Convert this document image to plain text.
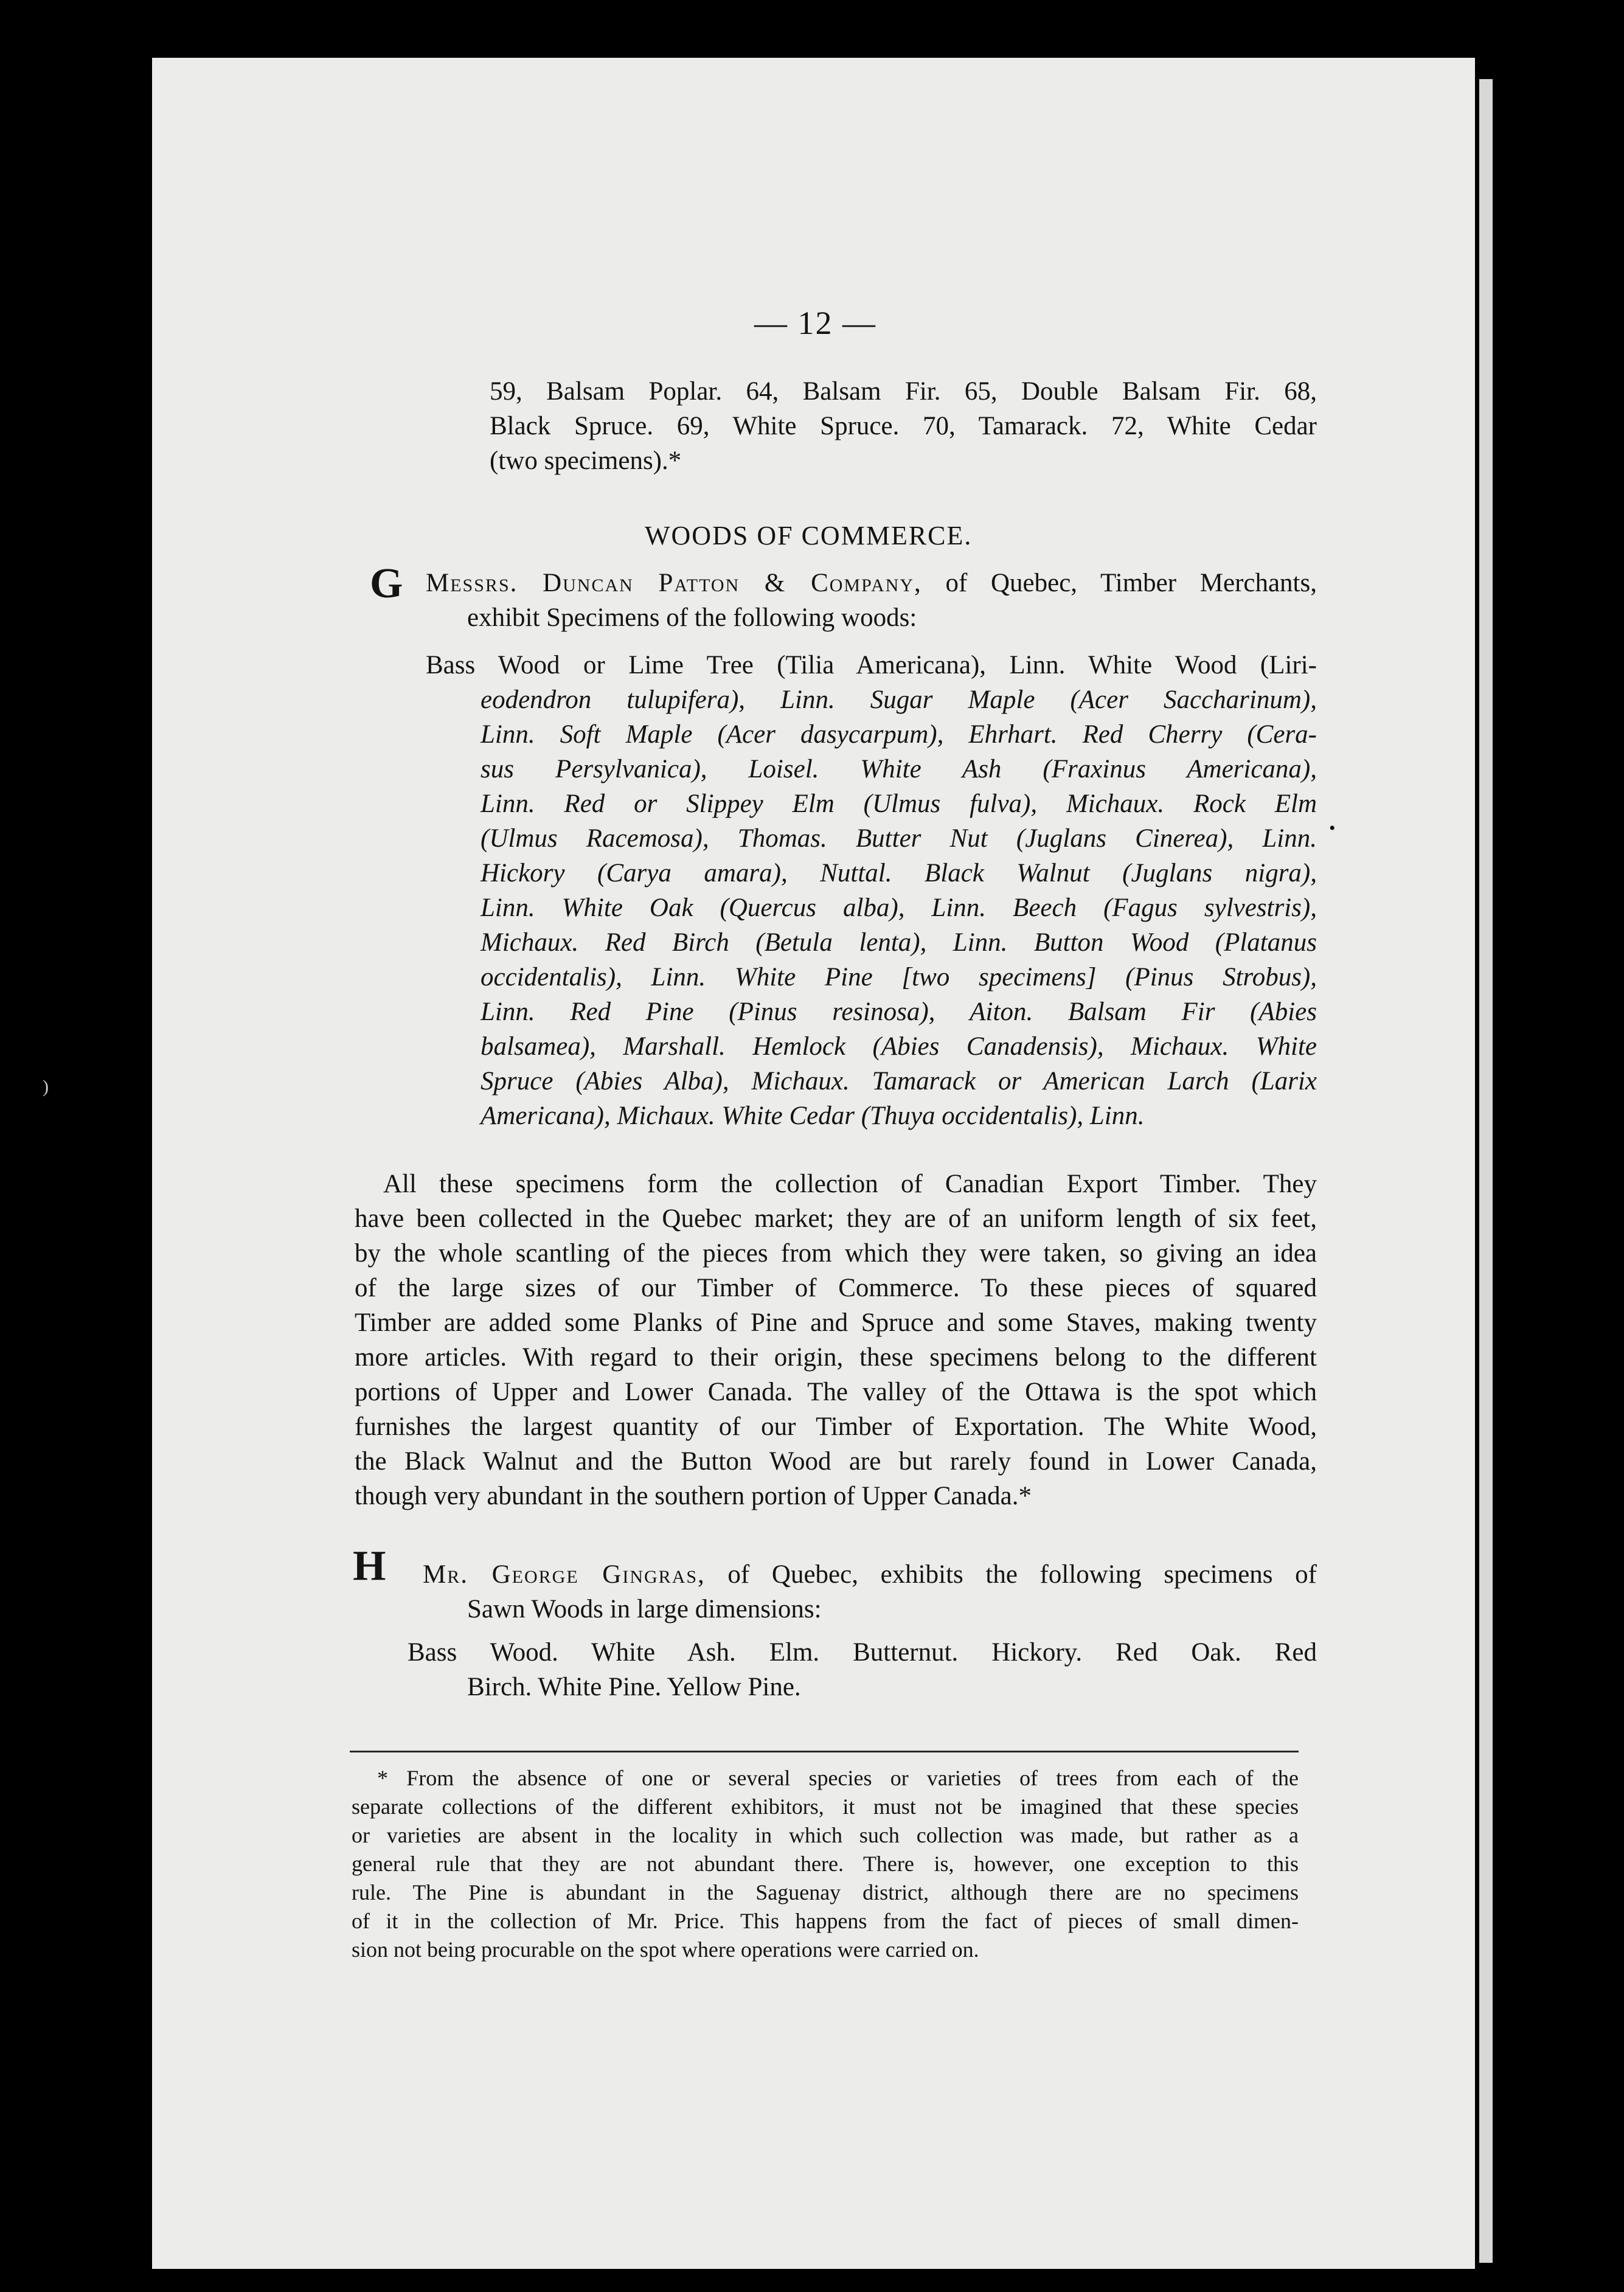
)
•
— 12 —

59, Balsam Poplar. 64, Balsam Fir. 65, Double Balsam Fir. 68,

Black Spruce. 69, White Spruce. 70, Tamarack. 72, White Cedar

(two specimens).*

WOODS OF COMMERCE.
G Messrs. Duncan Patton & Company, of Quebec, Timber Merchants,

exhibit Specimens of the following woods:

Bass Wood or Lime Tree (Tilia Americana), Linn. White Wood (Liri-

eodendron tulupifera), Linn. Sugar Maple (Acer Saccharinum),

Linn. Soft Maple (Acer dasycarpum), Ehrhart. Red Cherry (Cera-

sus Persylvanica), Loisel. White Ash (Fraxinus Americana),

Linn. Red or Slippey Elm (Ulmus fulva), Michaux. Rock Elm

(Ulmus Racemosa), Thomas. Butter Nut (Juglans Cinerea), Linn.

Hickory (Carya amara), Nuttal. Black Walnut (Juglans nigra),

Linn. White Oak (Quercus alba), Linn. Beech (Fagus sylvestris),

Michaux. Red Birch (Betula lenta), Linn. Button Wood (Platanus

occidentalis), Linn. White Pine [two specimens] (Pinus Strobus),

Linn. Red Pine (Pinus resinosa), Aiton. Balsam Fir (Abies

balsamea), Marshall. Hemlock (Abies Canadensis), Michaux. White

Spruce (Abies Alba), Michaux. Tamarack or American Larch (Larix

Americana), Michaux. White Cedar (Thuya occidentalis), Linn.

All these specimens form the collection of Canadian Export Timber. They

have been collected in the Quebec market; they are of an uniform length of six feet,

by the whole scantling of the pieces from which they were taken, so giving an idea

of the large sizes of our Timber of Commerce. To these pieces of squared

Timber are added some Planks of Pine and Spruce and some Staves, making twenty

more articles. With regard to their origin, these specimens belong to the different

portions of Upper and Lower Canada. The valley of the Ottawa is the spot which

furnishes the largest quantity of our Timber of Exportation. The White Wood,

the Black Walnut and the Button Wood are but rarely found in Lower Canada,

though very abundant in the southern portion of Upper Canada.*

H Mr. George Gingras, of Quebec, exhibits the following specimens of

Sawn Woods in large dimensions:

Bass Wood. White Ash. Elm. Butternut. Hickory. Red Oak. Red

Birch. White Pine. Yellow Pine.

* From the absence of one or several species or varieties of trees from each of the

separate collections of the different exhibitors, it must not be imagined that these species

or varieties are absent in the locality in which such collection was made, but rather as a

general rule that they are not abundant there. There is, however, one exception to this

rule. The Pine is abundant in the Saguenay district, although there are no specimens

of it in the collection of Mr. Price. This happens from the fact of pieces of small dimen-

sion not being procurable on the spot where operations were carried on.
